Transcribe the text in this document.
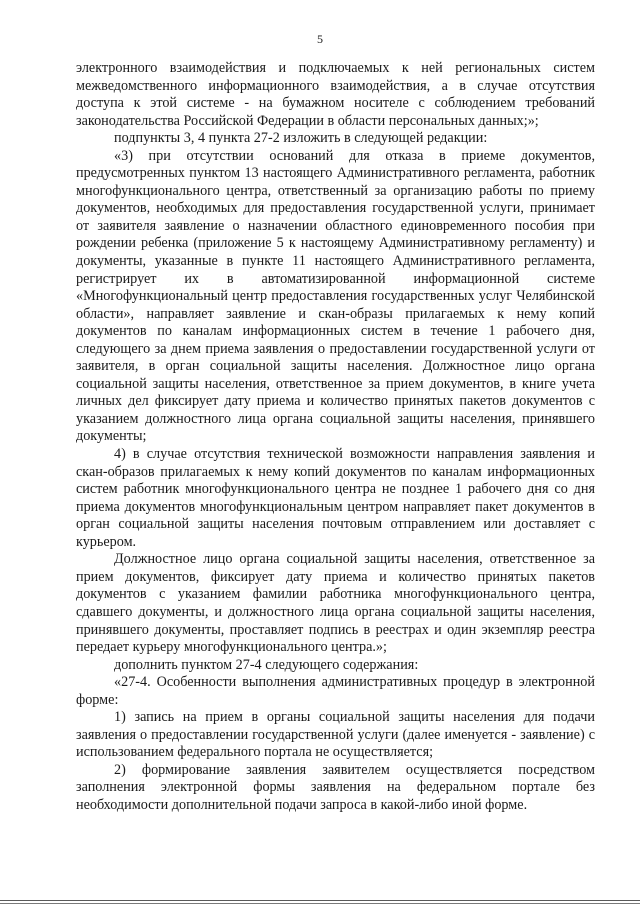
5

электронного взаимодействия и подключаемых к ней региональных систем межведомственного информационного взаимодействия, а в случае отсутствия доступа к этой системе - на бумажном носителе с соблюдением требований законодательства Российской Федерации в области персональных данных;»;

подпункты 3, 4 пункта 27-2 изложить в следующей редакции:

«3) при отсутствии оснований для отказа в приеме документов, предусмотренных пунктом 13 настоящего Административного регламента, работник многофункционального центра, ответственный за организацию работы по приему документов, необходимых для предоставления государственной услуги, принимает от заявителя заявление о назначении областного единовременного пособия при рождении ребенка (приложение 5 к настоящему Административному регламенту) и документы, указанные в пункте 11 настоящего Административного регламента, регистрирует их в автоматизированной информационной системе «Многофункциональный центр предоставления государственных услуг Челябинской области», направляет заявление и скан-образы прилагаемых к нему копий документов по каналам информационных систем в течение 1 рабочего дня, следующего за днем приема заявления о предоставлении государственной услуги от заявителя, в орган социальной защиты населения. Должностное лицо органа социальной защиты населения, ответственное за прием документов, в книге учета личных дел фиксирует дату приема и количество принятых пакетов документов с указанием должностного лица органа социальной защиты населения, принявшего документы;

4) в случае отсутствия технической возможности направления заявления и скан-образов прилагаемых к нему копий документов по каналам информационных систем работник многофункционального центра не позднее 1 рабочего дня со дня приема документов многофункциональным центром направляет пакет документов в орган социальной защиты населения почтовым отправлением или доставляет с курьером.

Должностное лицо органа социальной защиты населения, ответственное за прием документов, фиксирует дату приема и количество принятых пакетов документов с указанием фамилии работника многофункционального центра, сдавшего документы, и должностного лица органа социальной защиты населения, принявшего документы, проставляет подпись в реестрах и один экземпляр реестра передает курьеру многофункционального центра.»;

дополнить пунктом 27-4 следующего содержания:

«27-4. Особенности выполнения административных процедур в электронной форме:

1) запись на прием в органы социальной защиты населения для подачи заявления о предоставлении государственной услуги (далее именуется - заявление) с использованием федерального портала не осуществляется;

2) формирование заявления заявителем осуществляется посредством заполнения электронной формы заявления на федеральном портале без необходимости дополнительной подачи запроса в какой-либо иной форме.
